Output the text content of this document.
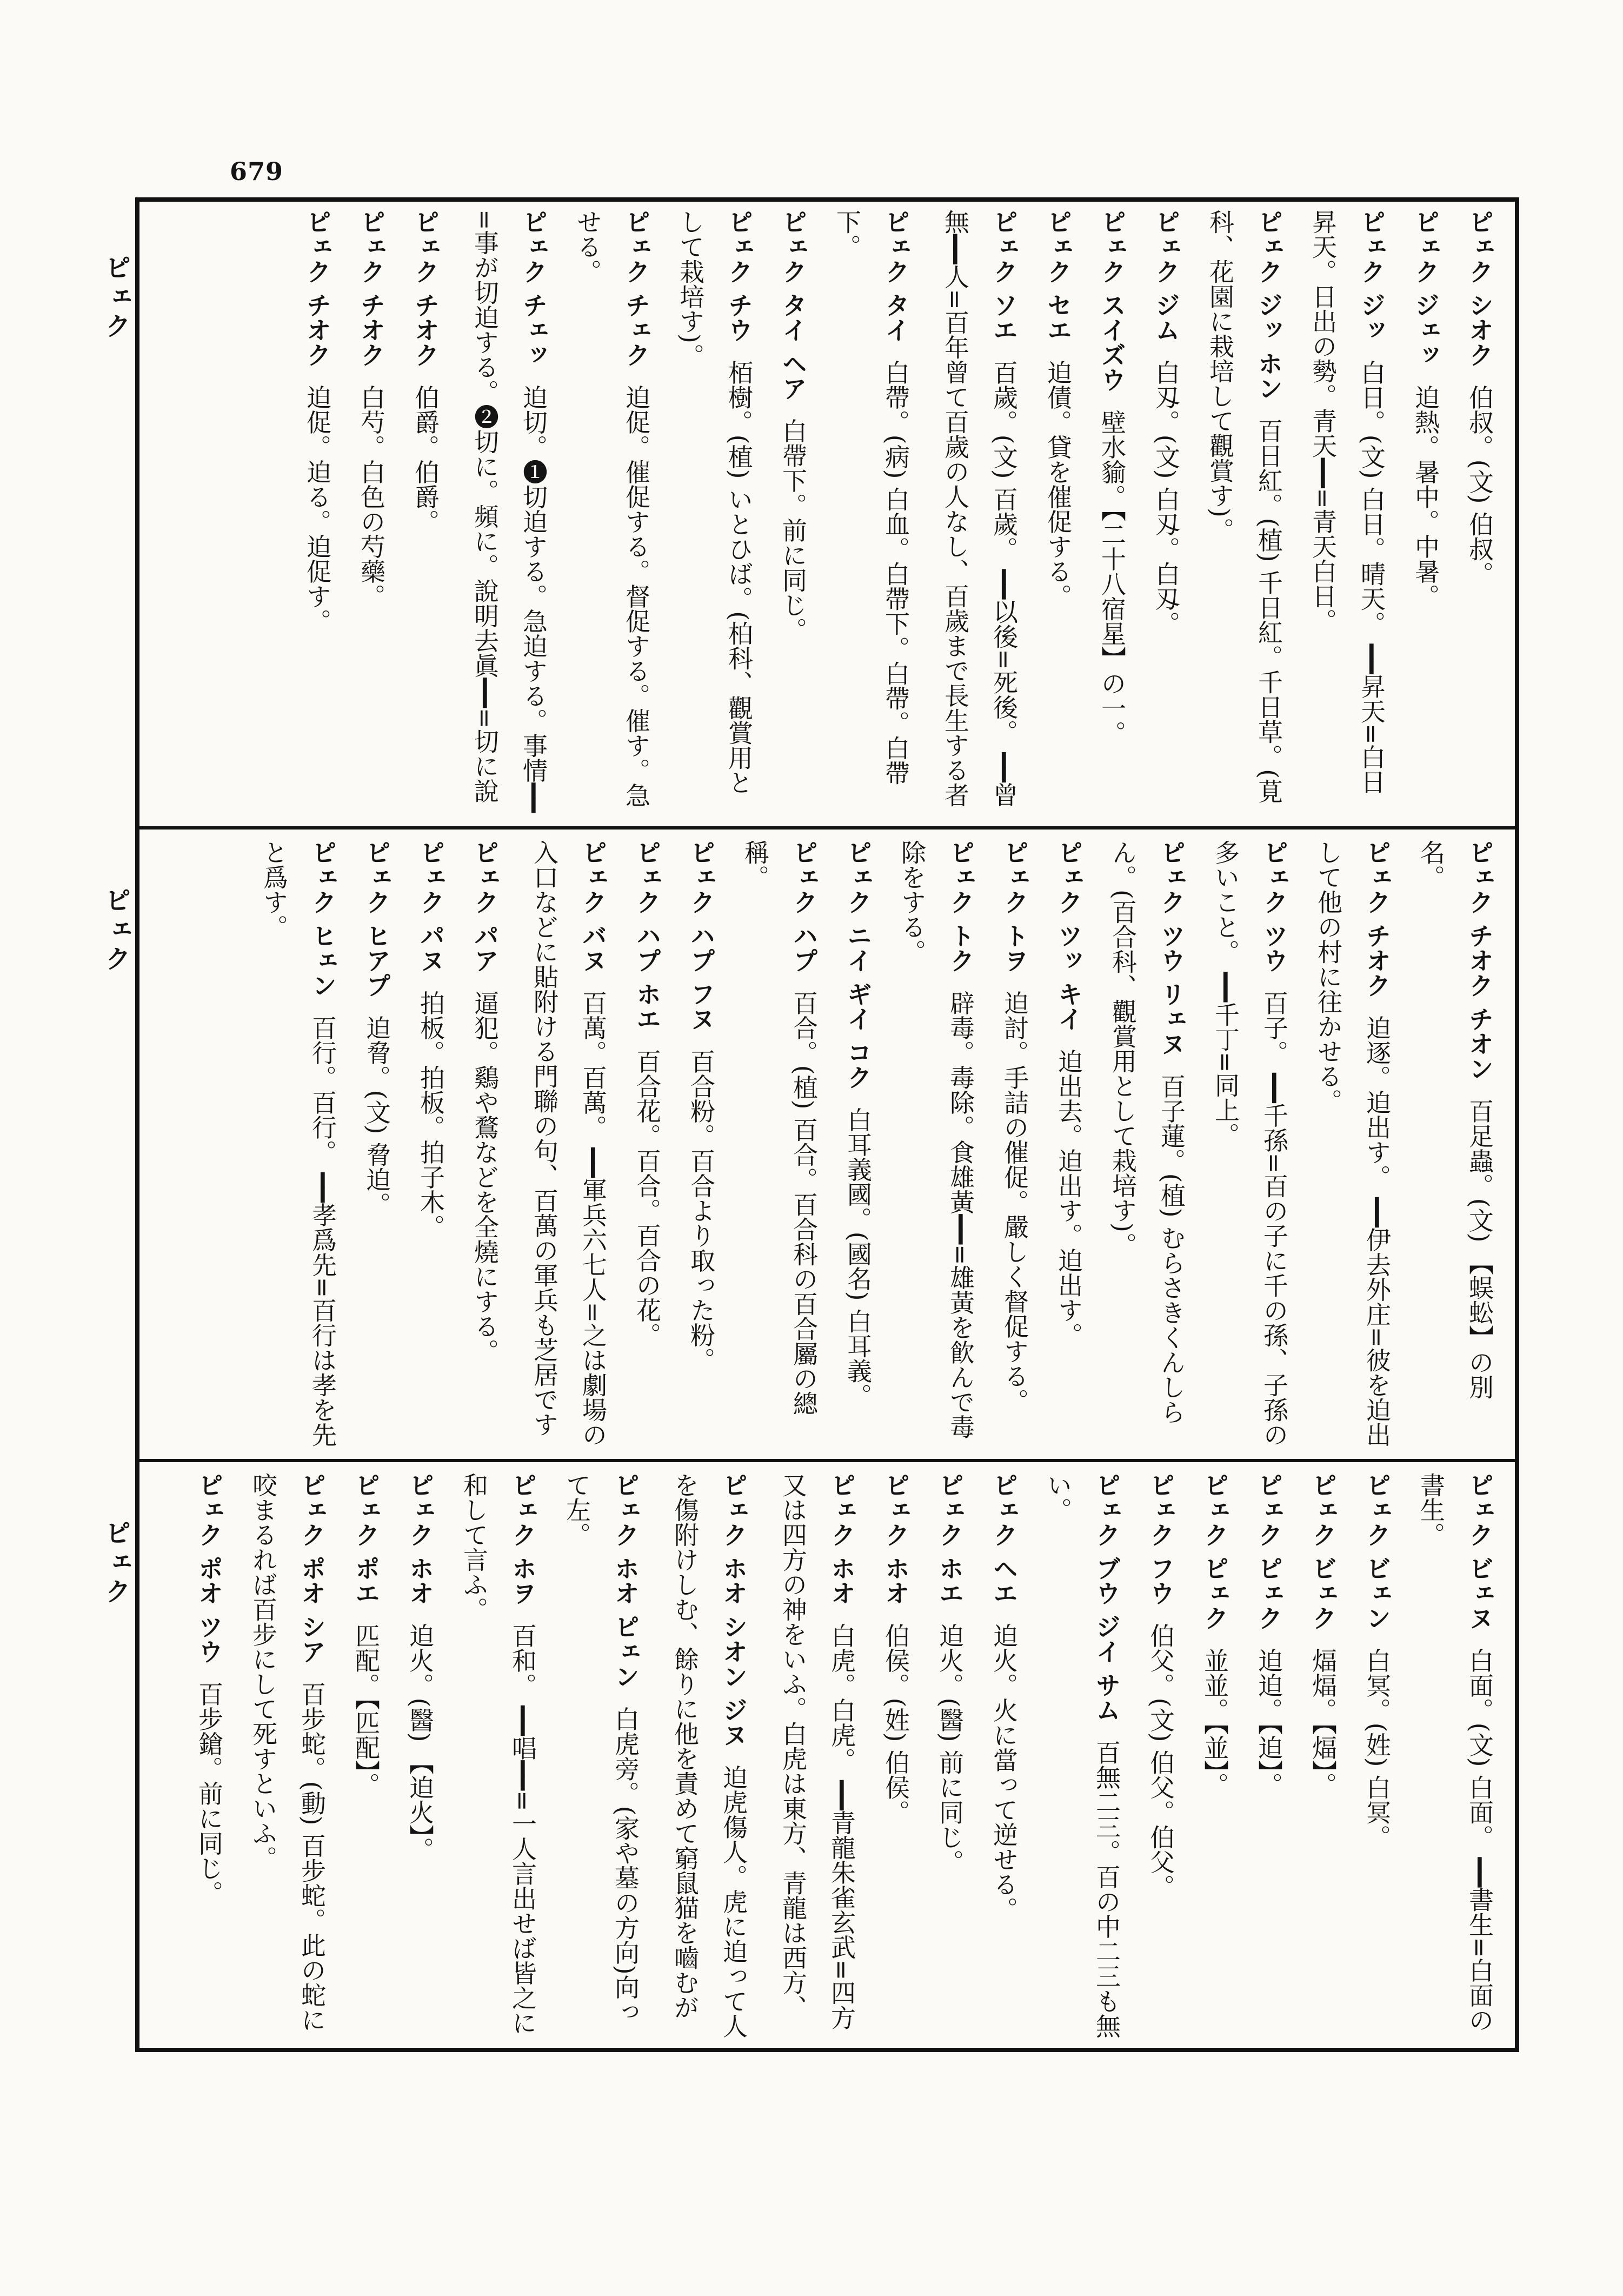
679
ピェク
ピェク
ピェク

ピェク シオク 伯叔。(文) 伯叔。

ピェク ジェッ 迫熱。暑中。中暑。

ピェク ジッ 白日。(文) 白日。晴天。 ━━昇天=白日昇天。日出の勢。青天━━=青天白日。

ピェク ジッ ホン 百日紅。(植) 千日紅。千日草。(莧科、花園に栽培して觀賞す)。

ピェク ジム 白刄。(文) 白刄。白刄。

ピェク スイズウ 壁水貐。【二十八宿星】の一。

ピェク セエ 迫債。貸を催促する。

ピェク ソエ 百歲。(文) 百歲。 ━━以後=死後。 ━━曾無━━人=百年曾て百歲の人なし、百歲まで長生する者

ピェク タイ 白帶。(病) 白血。白帶下。白帶。白帶下。

ピェク タイ ヘア 白帶下。前に同じ。

ピェク チウ 栢樹。(植) いとひば。(柏科、觀賞用として栽培す)。

ピェク チェク 迫促。催促する。督促する。催す。急せる。

ピェク チェッ 迫切。❶切迫する。急迫する。事情━━=事が切迫する。❷切に。頻に。說明去眞━━=切に說

ピェク チオク 伯爵。伯爵。

ピェク チオク 白芍。白色の芍藥。

ピェク チオク 迫促。迫る。迫促す。

ピェク チオク チオン 百足蟲。(文) 【蜈蚣】の別名。

ピェク チオク 迫逐。迫出す。 ━━伊去外庄=彼を迫出して他の村に往かせる。

ピェク ツウ 百子。 ━━千孫=百の子に千の孫、子孫の多いこと。 ━━千丁=同上。

ピェク ツウ リェヌ 百子蓮。(植) むらさきくんしらん。(百合科、觀賞用として栽培す)。

ピェク ツッ キイ 迫出去。迫出す。迫出す。

ピェク トヲ 迫討。手詰の催促。嚴しく督促する。

ピェク トク 辟毒。毒除。食雄黃━━=雄黃を飮んで毒除をする。

ピェク ニイ ギイ コク 白耳義國。(國名) 白耳義。

ピェク ハプ 百合。(植) 百合。百合科の百合屬の總稱。

ピェク ハプ フヌ 百合粉。百合より取った粉。

ピェク ハプ ホエ 百合花。百合。百合の花。

ピェク バヌ 百萬。百萬。 ━━軍兵六七人=之は劇場の入口などに貼附ける門聯の句、百萬の軍兵も芝居です

ピェク パア 逼犯。鷄や鶩などを全燒にする。

ピェク パヌ 拍板。拍板。拍子木。

ピェク ヒアプ 迫脅。(文) 脅迫。

ピェク ヒェン 百行。百行。 ━━孝爲先=百行は孝を先と爲す。

ピェク ビェヌ 白面。(文) 白面。 ━━書生=白面の書生。

ピェク ビェン 白冥。(姓) 白冥。

ピェク ビェク 煏煏。【煏】。

ピェク ピェク 迫迫。【迫】。

ピェク ピェク 並並。【並】。

ピェク フウ 伯父。(文) 伯父。伯父。

ピェク ブウ ジイ サム 百無二三。百の中二三も無い。

ピェク ヘエ 迫火。火に當って逆せる。

ピェク ホエ 迫火。(醫) 前に同じ。

ピェク ホオ 伯侯。(姓) 伯侯。

ピェク ホオ 白虎。白虎。 ━━青龍朱雀玄武=四方又は四方の神をいふ。白虎は東方、青龍は西方、

ピェク ホオ シオン ジヌ 迫虎傷人。虎に迫って人を傷附けしむ、餘りに他を責めて窮鼠猫を嚙むが

ピェク ホオ ピェン 白虎旁。(家や墓の方向)向って左。

ピェク ホヲ 百和。 ━━唱━━=一人言出せば皆之に和して言ふ。

ピェク ホオ 迫火。(醫) 【迫火】。

ピェク ポエ 匹配。【匹配】。

ピェク ポオ シア 百步蛇。(動) 百步蛇。此の蛇に咬まるれば百步にして死すといふ。

ピェク ポオ ツウ 百步鎗。前に同じ。
